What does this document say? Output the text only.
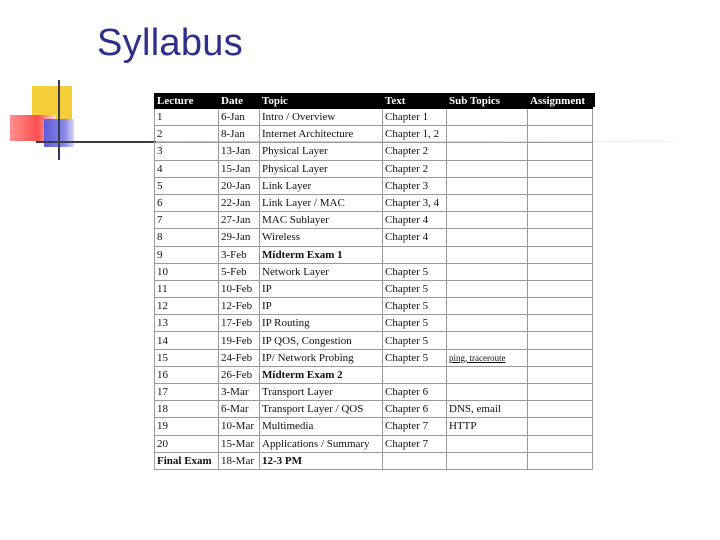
Syllabus
Lecture	Date	Topic	Text	Sub Topics	Assignment
1	6-Jan	Intro / Overview	Chapter 1		
2	8-Jan	Internet Architecture	Chapter 1, 2		
3	13-Jan	Physical Layer	Chapter 2		
4	15-Jan	Physical Layer	Chapter 2		
5	20-Jan	Link Layer	Chapter 3		
6	22-Jan	Link Layer / MAC	Chapter 3, 4		
7	27-Jan	MAC Sublayer	Chapter 4		
8	29-Jan	Wireless	Chapter 4		
9	3-Feb	Midterm Exam 1			
10	5-Feb	Network Layer	Chapter 5		
11	10-Feb	IP	Chapter 5		
12	12-Feb	IP	Chapter 5		
13	17-Feb	IP Routing	Chapter 5		
14	19-Feb	IP QOS, Congestion	Chapter 5		
15	24-Feb	IP/ Network Probing	Chapter 5	ping, traceroute	
16	26-Feb	Midterm Exam 2			
17	3-Mar	Transport Layer	Chapter 6		
18	6-Mar	Transport Layer / QOS	Chapter 6	DNS, email	
19	10-Mar	Multimedia	Chapter 7	HTTP	
20	15-Mar	Applications / Summary	Chapter 7		
Final Exam	18-Mar	12-3 PM			
